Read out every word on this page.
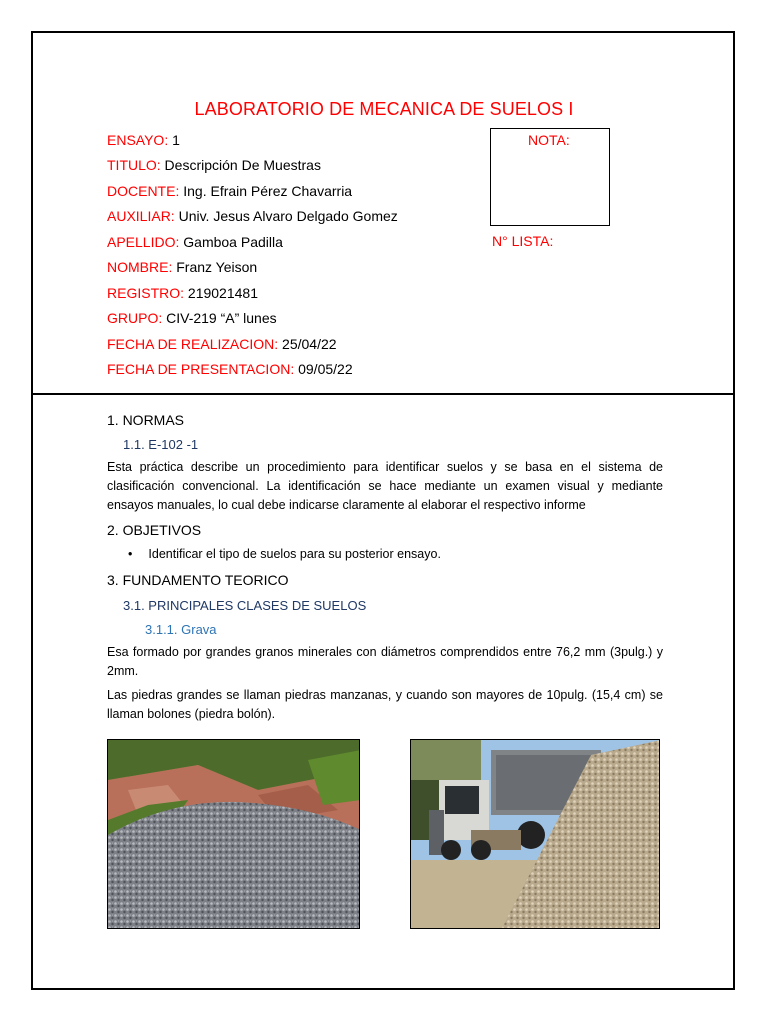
LABORATORIO DE MECANICA DE SUELOS I
ENSAYO: 1
TITULO: Descripción De Muestras
DOCENTE: Ing. Efrain Pérez Chavarria
AUXILIAR: Univ. Jesus Alvaro Delgado Gomez
APELLIDO: Gamboa Padilla
NOMBRE: Franz Yeison
REGISTRO: 219021481
GRUPO: CIV-219 “A” lunes
FECHA DE REALIZACION: 25/04/22
FECHA DE PRESENTACION: 09/05/22
NOTA:
N° LISTA:
1. NORMAS
1.1. E-102 -1
Esta práctica describe un procedimiento para identificar suelos y se basa en el sistema de clasificación convencional. La identificación se hace mediante un examen visual y mediante ensayos manuales, lo cual debe indicarse claramente al elaborar el respectivo informe
2. OBJETIVOS
• Identificar el tipo de suelos para su posterior ensayo.
3. FUNDAMENTO TEORICO
3.1. PRINCIPALES CLASES DE SUELOS
3.1.1. Grava
Esa formado por grandes granos minerales con diámetros comprendidos entre 76,2 mm (3pulg.) y 2mm.
Las piedras grandes se llaman piedras manzanas, y cuando son mayores de 10pulg. (15,4 cm) se llaman bolones (piedra bolón).
